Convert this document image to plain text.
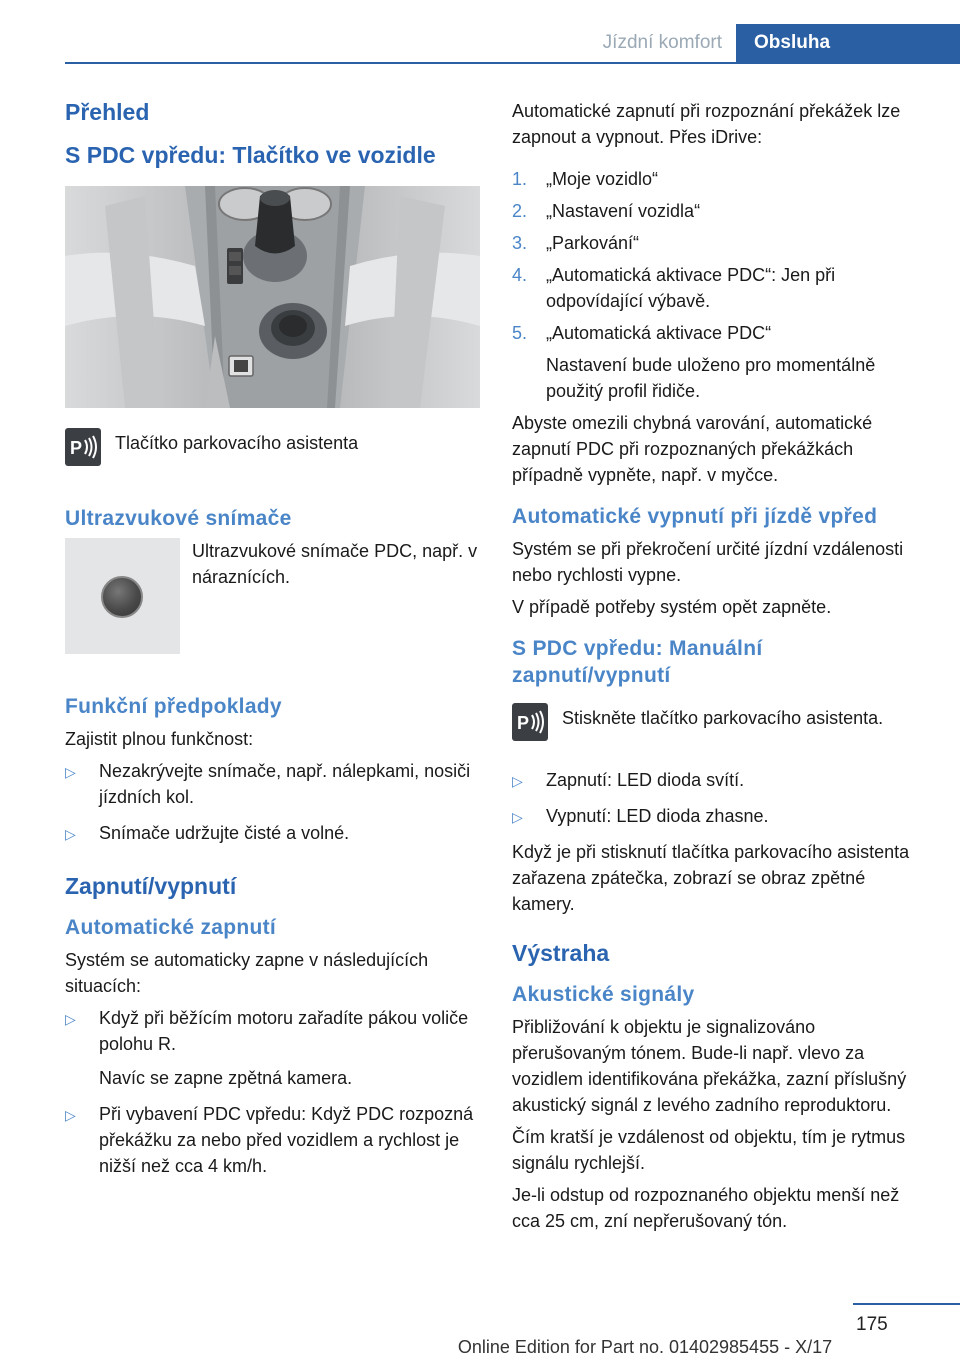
Jízdní komfort	Obsluha
Přehled
S PDC vpředu: Tlačítko ve vozidle
P Tlačítko parkovacího asistenta

Ultrazvukové snímače

Ultrazvukové snímače PDC, např. v náraznících.

Funkční předpoklady

Zajistit plnou funkčnost:

▷ Nezakrývejte snímače, např. nálepkami, nosiči jízdních kol.
▷ Snímače udržujte čisté a volné.
Zapnutí/vypnutí
Automatické zapnutí

Systém se automaticky zapne v následujících situacích:

▷ Když při běžícím motoru zařadíte pákou voliče polohu R.
Navíc se zapne zpětná kamera.
▷ Při vybavení PDC vpředu: Když PDC rozpozná překážku za nebo před vozidlem a rychlost je nižší než cca 4 km/h.

Automatické zapnutí při rozpoznání překážek lze zapnout a vypnout. Přes iDrive:

1. „Moje vozidlo“
2. „Nastavení vozidla“
3. „Parkování“
4. „Automatická aktivace PDC“: Jen při odpovídající výbavě.
5. „Automatická aktivace PDC“
Nastavení bude uloženo pro momentálně použitý profil řidiče.

Abyste omezili chybná varování, automatické zapnutí PDC při rozpoznaných překážkách případně vypněte, např. v myčce.

Automatické vypnutí při jízdě vpřed

Systém se při překročení určité jízdní vzdálenosti nebo rychlosti vypne.

V případě potřeby systém opět zapněte.

S PDC vpředu: Manuální zapnutí/vypnutí
P Stiskněte tlačítko parkovacího asistenta.

▷ Zapnutí: LED dioda svítí.
▷ Vypnutí: LED dioda zhasne.

Když je při stisknutí tlačítka parkovacího asistenta zařazena zpátečka, zobrazí se obraz zpětné kamery.

Výstraha
Akustické signály

Přibližování k objektu je signalizováno přerušovaným tónem. Bude-li např. vlevo za vozidlem identifikována překážka, zazní příslušný akustický signál z levého zadního reproduktoru.

Čím kratší je vzdálenost od objektu, tím je rytmus signálu rychlejší.

Je-li odstup od rozpoznaného objektu menší než cca 25 cm, zní nepřerušovaný tón.

175
Online Edition for Part no. 01402985455 - X/17
